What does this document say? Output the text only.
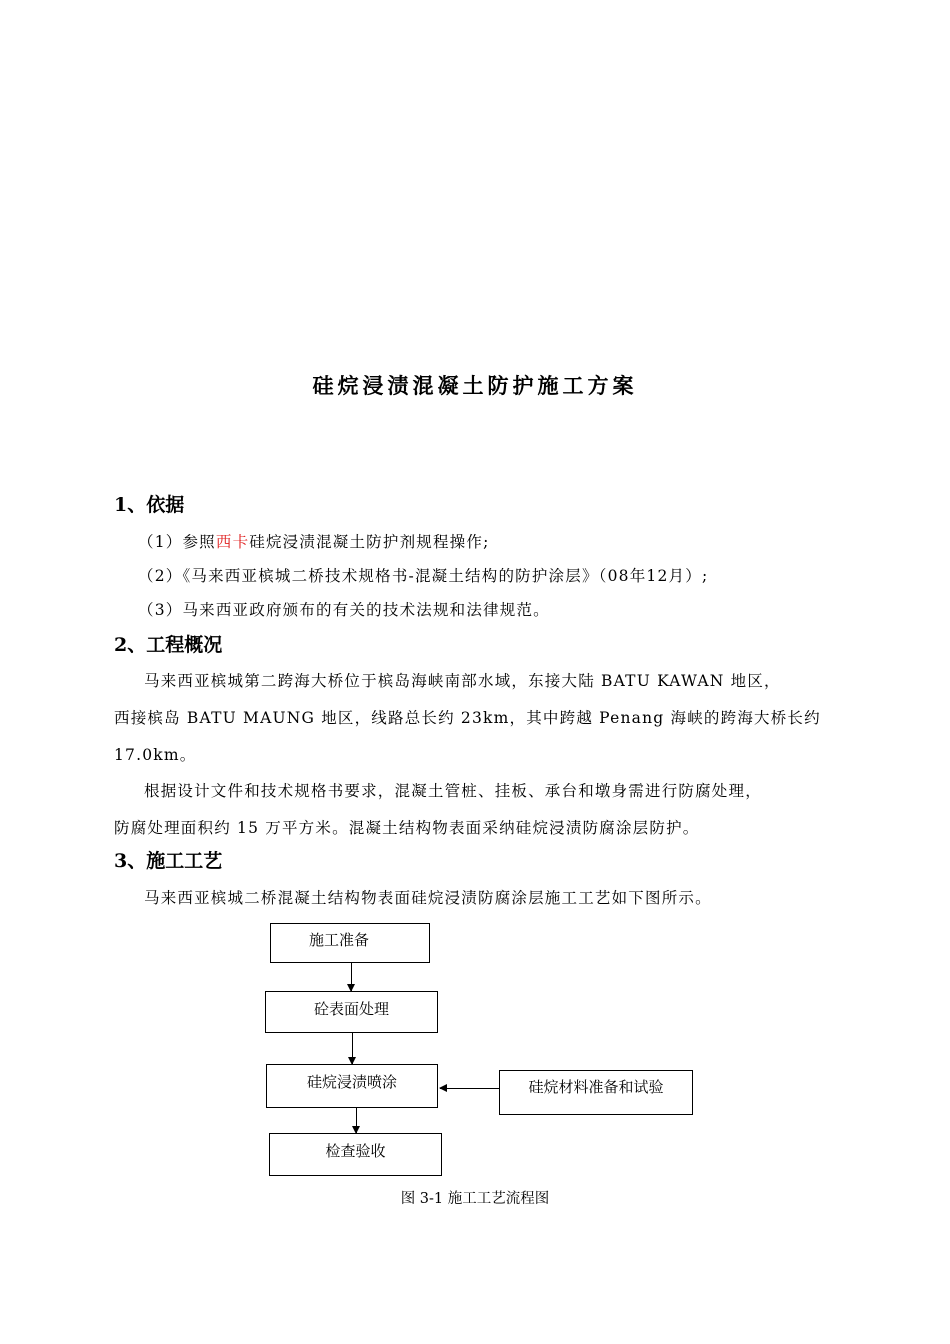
硅烷浸渍混凝土防护施工方案
1、依据
（1）参照西卡硅烷浸渍混凝土防护剂规程操作;
（2）《马来西亚槟城二桥技术规格书-混凝土结构的防护涂层》（08年12月）;
（3）马来西亚政府颁布的有关的技术法规和法律规范。
2、工程概况
马来西亚槟城第二跨海大桥位于槟岛海峡南部水域，东接大陆 BATU KAWAN 地区，
西接槟岛 BATU MAUNG 地区，线路总长约 23km，其中跨越 Penang 海峡的跨海大桥长约
17.0km。
根据设计文件和技术规格书要求，混凝土管桩、挂板、承台和墩身需进行防腐处理，
防腐处理面积约 15 万平方米。混凝土结构物表面采纳硅烷浸渍防腐涂层防护。
3、施工工艺
马来西亚槟城二桥混凝土结构物表面硅烷浸渍防腐涂层施工工艺如下图所示。
施工准备
砼表面处理
硅烷浸渍喷涂
检查验收
硅烷材料准备和试验
图 3-1 施工工艺流程图
